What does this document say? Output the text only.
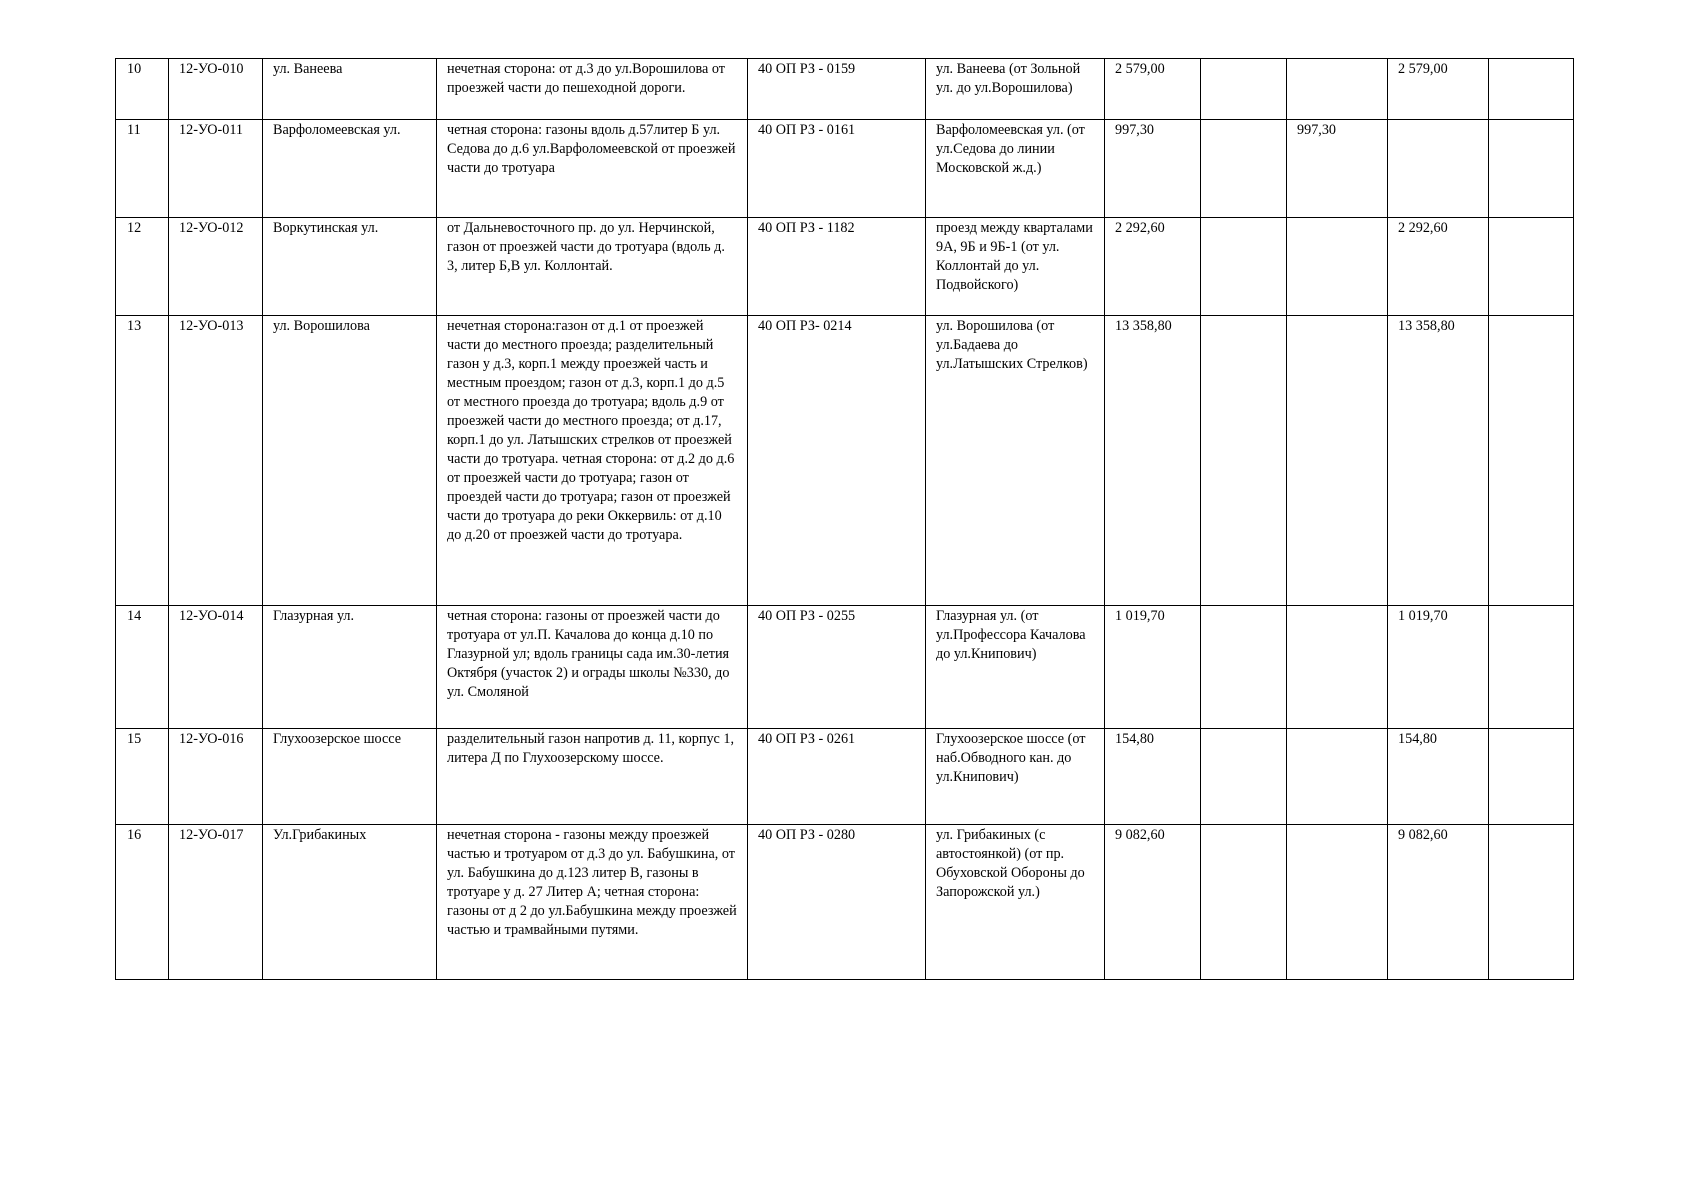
10	12-УО-010	ул. Ванеева	нечетная сторона: от д.3 до ул.Ворошилова от проезжей части до пешеходной дороги.	40 ОП РЗ - 0159	ул. Ванеева (от Зольной ул. до ул.Ворошилова)	2 579,00			2 579,00	
11	12-УО-011	Варфоломеевская ул.	четная сторона: газоны вдоль д.57литер Б ул. Седова до д.6 ул.Варфоломеевской от проезжей части до тротуара	40 ОП РЗ - 0161	Варфоломеевская ул. (от ул.Седова до линии Московской ж.д.)	997,30		997,30		
12	12-УО-012	Воркутинская ул.	от Дальневосточного пр. до ул. Нерчинской, газон от проезжей части до тротуара (вдоль д. 3, литер Б,В ул. Коллонтай.	40 ОП РЗ - 1182	проезд между кварталами 9А, 9Б и 9Б-1 (от ул. Коллонтай до ул. Подвойского)	2 292,60			2 292,60	
13	12-УО-013	ул. Ворошилова	нечетная сторона:газон от д.1 от проезжей части до местного проезда; разделительный газон у д.3, корп.1 между проезжей часть и местным проездом; газон от д.3, корп.1 до д.5 от местного проезда до тротуара; вдоль д.9 от проезжей части до местного проезда; от д.17, корп.1 до ул. Латышских стрелков от проезжей части до тротуара. четная сторона: от д.2 до д.6 от проезжей части до тротуара; газон от проездей части до тротуара; газон от проезжей части до тротуара до реки Оккервиль: от д.10 до д.20 от проезжей части до тротуара.	40 ОП РЗ- 0214	ул. Ворошилова (от ул.Бадаева до ул.Латышских Стрелков)	13 358,80			13 358,80	
14	12-УО-014	Глазурная ул.	четная сторона: газоны от проезжей части до тротуара от ул.П. Качалова до конца д.10 по Глазурной ул; вдоль границы сада им.30-летия Октября (участок 2) и ограды школы №330, до ул. Смоляной	40 ОП РЗ - 0255	Глазурная ул. (от ул.Профессора Качалова до ул.Книпович)	1 019,70			1 019,70	
15	12-УО-016	Глухоозерское шоссе	разделительный газон напротив д. 11, корпус 1, литера Д по Глухоозерскому шоссе.	40 ОП РЗ - 0261	Глухоозерское шоссе (от наб.Обводного кан. до ул.Книпович)	154,80			154,80	
16	12-УО-017	Ул.Грибакиных	нечетная сторона - газоны между проезжей частью и тротуаром от д.3 до ул. Бабушкина, от ул. Бабушкина до д.123 литер В, газоны в тротуаре у д. 27 Литер А; четная сторона: газоны от д 2 до ул.Бабушкина между проезжей частью и трамвайными путями.	40 ОП РЗ - 0280	ул. Грибакиных (с автостоянкой) (от пр. Обуховской Обороны до Запорожской ул.)	9 082,60			9 082,60	
